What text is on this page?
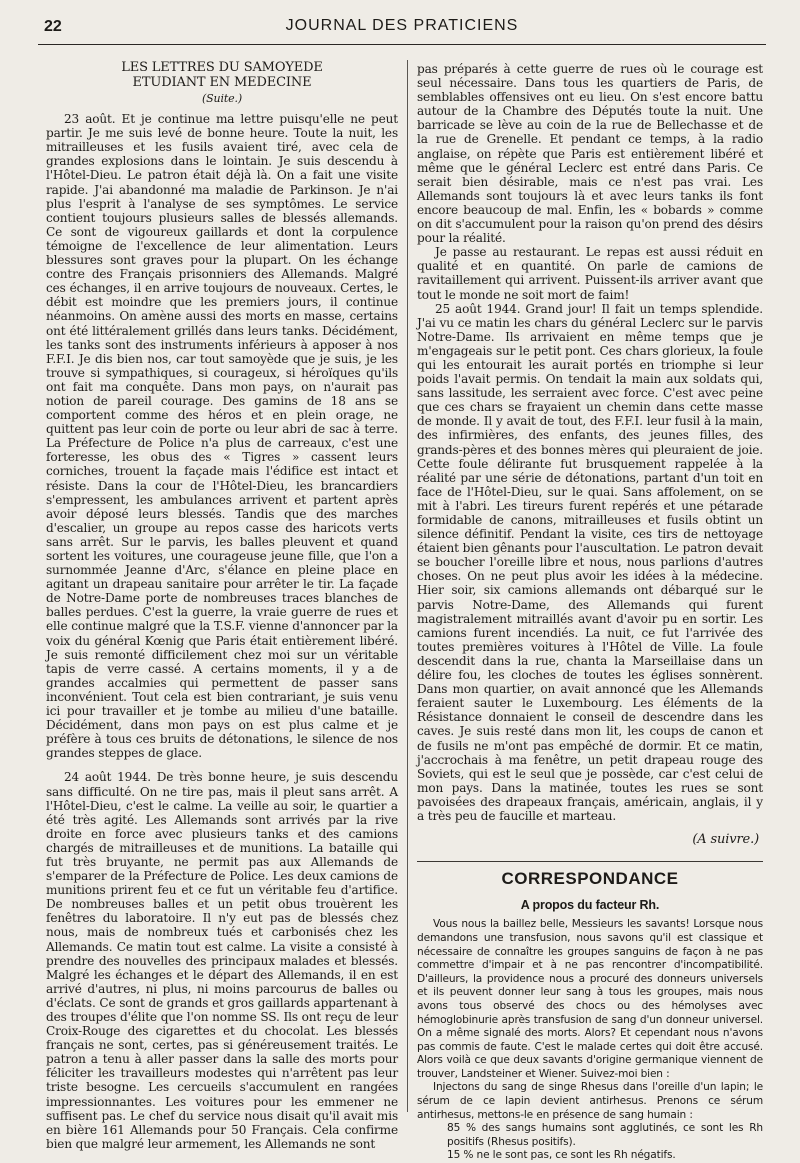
22	JOURNAL DES PRATICIENS
LES LETTRES DU SAMOYEDE
ETUDIANT EN MEDECINE
(Suite.)

23 août. Et je continue ma lettre puisqu'elle ne peut partir. Je me suis levé de bonne heure. Toute la nuit, les mitrailleuses et les fusils avaient tiré, avec cela de grandes explosions dans le lointain. Je suis descendu à l'Hôtel-Dieu. Le patron était déjà là. On a fait une visite rapide. J'ai abandonné ma maladie de Parkinson. Je n'ai plus l'esprit à l'analyse de ses symptômes. Le service contient toujours plusieurs salles de blessés allemands. Ce sont de vigoureux gaillards et dont la corpulence témoigne de l'excellence de leur alimentation. Leurs blessures sont graves pour la plupart. On les échange contre des Français prisonniers des Allemands. Malgré ces échanges, il en arrive toujours de nouveaux. Certes, le débit est moindre que les premiers jours, il continue néanmoins. On amène aussi des morts en masse, certains ont été littéralement grillés dans leurs tanks. Décidément, les tanks sont des instruments inférieurs à apposer à nos F.F.I. Je dis bien nos, car tout samoyède que je suis, je les trouve si sympathiques, si courageux, si héroïques qu'ils ont fait ma conquête. Dans mon pays, on n'aurait pas notion de pareil courage. Des gamins de 18 ans se comportent comme des héros et en plein orage, ne quittent pas leur coin de porte ou leur abri de sac à terre. La Préfecture de Police n'a plus de carreaux, c'est une forteresse, les obus des « Tigres » cassent leurs corniches, trouent la façade mais l'édifice est intact et résiste. Dans la cour de l'Hôtel-Dieu, les brancardiers s'empressent, les ambulances arrivent et partent après avoir déposé leurs blessés. Tandis que des marches d'escalier, un groupe au repos casse des haricots verts sans arrêt. Sur le parvis, les balles pleuvent et quand sortent les voitures, une courageuse jeune fille, que l'on a surnommée Jeanne d'Arc, s'élance en pleine place en agitant un drapeau sanitaire pour arrêter le tir. La façade de Notre-Dame porte de nombreuses traces blanches de balles perdues. C'est la guerre, la vraie guerre de rues et elle continue malgré que la T.S.F. vienne d'annoncer par la voix du général Kœnig que Paris était entièrement libéré. Je suis remonté difficilement chez moi sur un véritable tapis de verre cassé. A certains moments, il y a de grandes accalmies qui permettent de passer sans inconvénient. Tout cela est bien contrariant, je suis venu ici pour travailler et je tombe au milieu d'une bataille. Décidément, dans mon pays on est plus calme et je préfère à tous ces bruits de détonations, le silence de nos grandes steppes de glace.

24 août 1944. De très bonne heure, je suis descendu sans difficulté. On ne tire pas, mais il pleut sans arrêt. A l'Hôtel-Dieu, c'est le calme. La veille au soir, le quartier a été très agité. Les Allemands sont arrivés par la rive droite en force avec plusieurs tanks et des camions chargés de mitrailleuses et de munitions. La bataille qui fut très bruyante, ne permit pas aux Allemands de s'emparer de la Préfecture de Police. Les deux camions de munitions prirent feu et ce fut un véritable feu d'artifice. De nombreuses balles et un petit obus trouèrent les fenêtres du laboratoire. Il n'y eut pas de blessés chez nous, mais de nombreux tués et carbonisés chez les Allemands. Ce matin tout est calme. La visite a consisté à prendre des nouvelles des principaux malades et blessés. Malgré les échanges et le départ des Allemands, il en est arrivé d'autres, ni plus, ni moins parcourus de balles ou d'éclats. Ce sont de grands et gros gaillards appartenant à des troupes d'élite que l'on nomme SS. Ils ont reçu de leur Croix-Rouge des cigarettes et du chocolat. Les blessés français ne sont, certes, pas si généreusement traités. Le patron a tenu à aller passer dans la salle des morts pour féliciter les travailleurs modestes qui n'arrêtent pas leur triste besogne. Les cercueils s'accumulent en rangées impressionnantes. Les voitures pour les emmener ne suffisent pas. Le chef du service nous disait qu'il avait mis en bière 161 Allemands pour 50 Français. Cela confirme bien que malgré leur armement, les Allemands ne sont

pas préparés à cette guerre de rues où le courage est seul nécessaire. Dans tous les quartiers de Paris, de semblables offensives ont eu lieu. On s'est encore battu autour de la Chambre des Députés toute la nuit. Une barricade se lève au coin de la rue de Bellechasse et de la rue de Grenelle. Et pendant ce temps, à la radio anglaise, on répète que Paris est entièrement libéré et même que le général Leclerc est entré dans Paris. Ce serait bien désirable, mais ce n'est pas vrai. Les Allemands sont toujours là et avec leurs tanks ils font encore beaucoup de mal. Enfin, les « bobards » comme on dit s'accumulent pour la raison qu'on prend des désirs pour la réalité.

Je passe au restaurant. Le repas est aussi réduit en qualité et en quantité. On parle de camions de ravitaillement qui arrivent. Puissent-ils arriver avant que tout le monde ne soit mort de faim!

25 août 1944. Grand jour! Il fait un temps splendide. J'ai vu ce matin les chars du général Leclerc sur le parvis Notre-Dame. Ils arrivaient en même temps que je m'engageais sur le petit pont. Ces chars glorieux, la foule qui les entourait les aurait portés en triomphe si leur poids l'avait permis. On tendait la main aux soldats qui, sans lassitude, les serraient avec force. C'est avec peine que ces chars se frayaient un chemin dans cette masse de monde. Il y avait de tout, des F.F.I. leur fusil à la main, des infirmières, des enfants, des jeunes filles, des grands-pères et des bonnes mères qui pleuraient de joie. Cette foule délirante fut brusquement rappelée à la réalité par une série de détonations, partant d'un toit en face de l'Hôtel-Dieu, sur le quai. Sans affolement, on se mit à l'abri. Les tireurs furent repérés et une pétarade formidable de canons, mitrailleuses et fusils obtint un silence définitif. Pendant la visite, ces tirs de nettoyage étaient bien gênants pour l'auscultation. Le patron devait se boucher l'oreille libre et nous, nous parlions d'autres choses. On ne peut plus avoir les idées à la médecine. Hier soir, six camions allemands ont débarqué sur le parvis Notre-Dame, des Allemands qui furent magistralement mitraillés avant d'avoir pu en sortir. Les camions furent incendiés. La nuit, ce fut l'arrivée des toutes premières voitures à l'Hôtel de Ville. La foule descendit dans la rue, chanta la Marseillaise dans un délire fou, les cloches de toutes les églises sonnèrent. Dans mon quartier, on avait annoncé que les Allemands feraient sauter le Luxembourg. Les éléments de la Résistance donnaient le conseil de descendre dans les caves. Je suis resté dans mon lit, les coups de canon et de fusils ne m'ont pas empêché de dormir. Et ce matin, j'accrochais à ma fenêtre, un petit drapeau rouge des Soviets, qui est le seul que je possède, car c'est celui de mon pays. Dans la matinée, toutes les rues se sont pavoisées des drapeaux français, américain, anglais, il y a très peu de faucille et marteau.

(A suivre.)
CORRESPONDANCE
A propos du facteur Rh.

Vous nous la baillez belle, Messieurs les savants! Lorsque nous demandons une transfusion, nous savons qu'il est classique et nécessaire de connaître les groupes sanguins de façon à ne pas commettre d'impair et à ne pas rencontrer d'incompatibilité. D'ailleurs, la providence nous a procuré des donneurs universels et ils peuvent donner leur sang à tous les groupes, mais nous avons tous observé des chocs ou des hémolyses avec hémoglobinurie après transfusion de sang d'un donneur universel. On a même signalé des morts. Alors? Et cependant nous n'avons pas commis de faute. C'est le malade certes qui doit être accusé. Alors voilà ce que deux savants d'origine germanique viennent de trouver, Landsteiner et Wiener. Suivez-moi bien :

Injectons du sang de singe Rhesus dans l'oreille d'un lapin; le sérum de ce lapin devient antirhesus. Prenons ce sérum antirhesus, mettons-le en présence de sang humain :

85 % des sangs humains sont agglutinés, ce sont les Rh positifs (Rhesus positifs).

15 % ne le sont pas, ce sont les Rh négatifs.
